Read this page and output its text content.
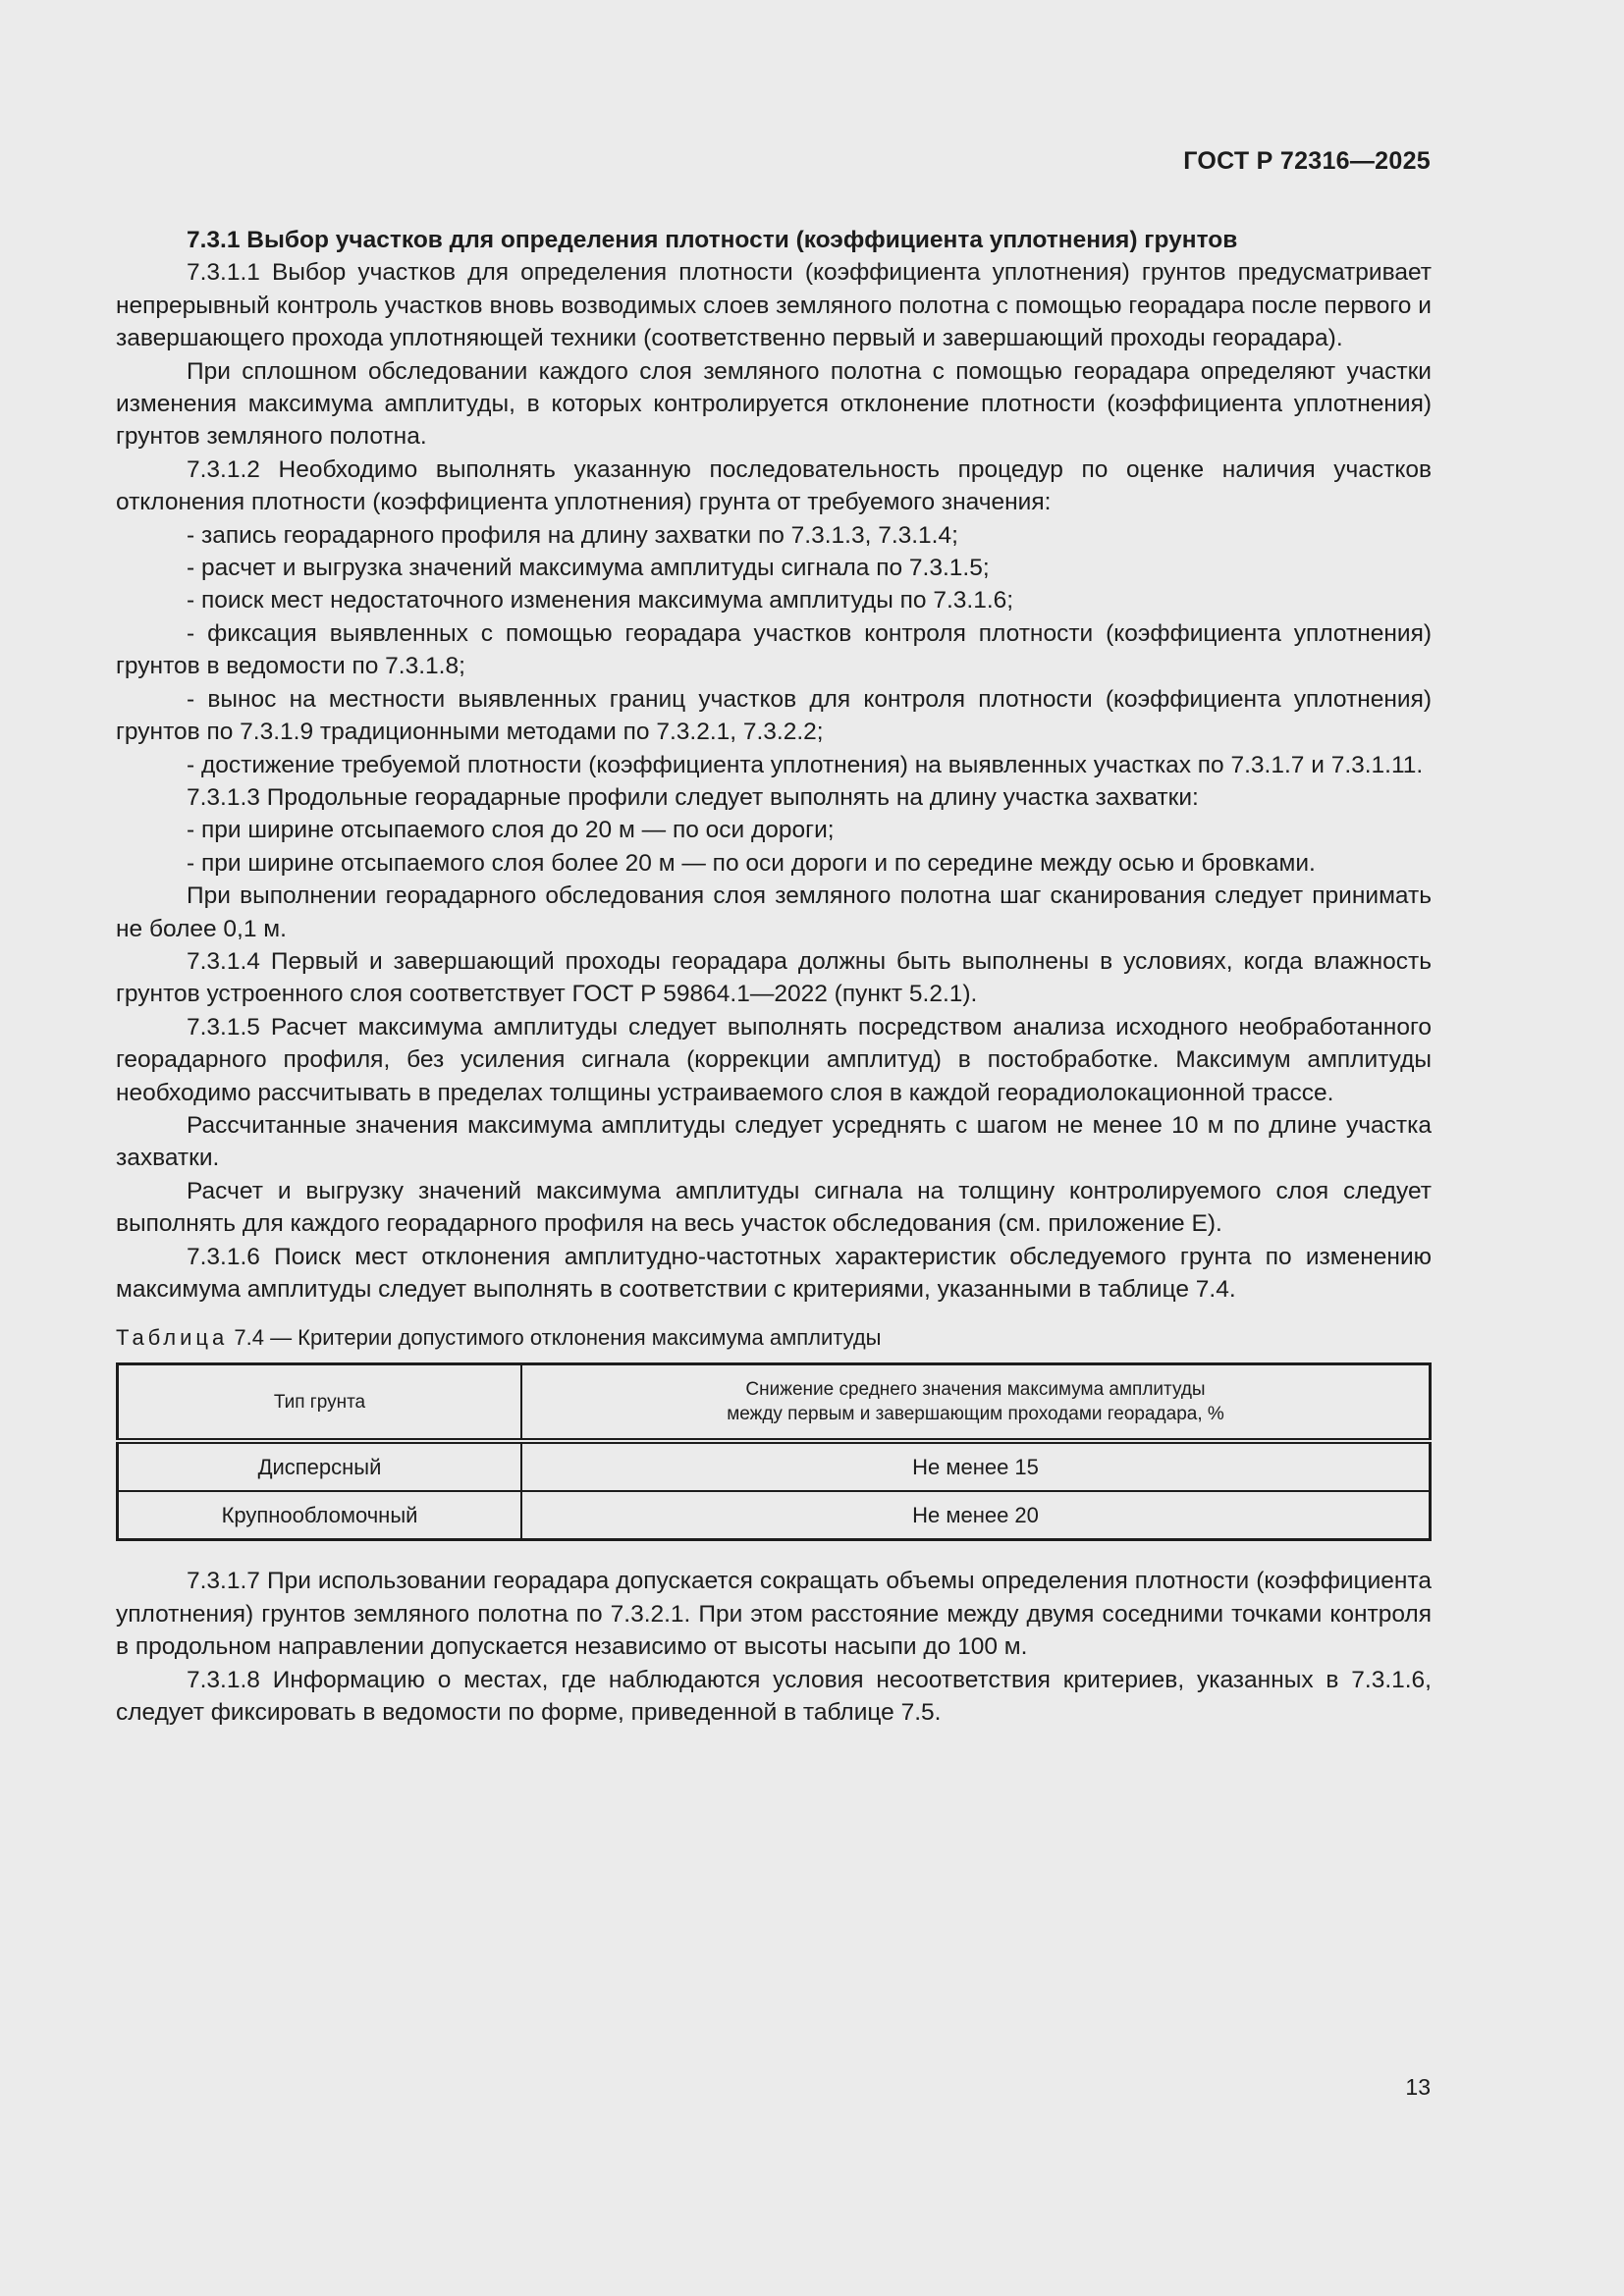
ГОСТ Р 72316—2025

7.3.1 Выбор участков для определения плотности (коэффициента уплотнения) грунтов

7.3.1.1 Выбор участков для определения плотности (коэффициента уплотнения) грунтов предусматривает непрерывный контроль участков вновь возводимых слоев земляного полотна с помощью георадара после первого и завершающего прохода уплотняющей техники (соответственно первый и завершающий проходы георадара).

При сплошном обследовании каждого слоя земляного полотна с помощью георадара определяют участки изменения максимума амплитуды, в которых контролируется отклонение плотности (коэффициента уплотнения) грунтов земляного полотна.

7.3.1.2 Необходимо выполнять указанную последовательность процедур по оценке наличия участков отклонения плотности (коэффициента уплотнения) грунта от требуемого значения:

- запись георадарного профиля на длину захватки по 7.3.1.3, 7.3.1.4;

- расчет и выгрузка значений максимума амплитуды сигнала по 7.3.1.5;

- поиск мест недостаточного изменения максимума амплитуды по 7.3.1.6;

- фиксация выявленных с помощью георадара участков контроля плотности (коэффициента уплотнения) грунтов в ведомости по 7.3.1.8;

- вынос на местности выявленных границ участков для контроля плотности (коэффициента уплотнения) грунтов по 7.3.1.9 традиционными методами по 7.3.2.1, 7.3.2.2;

- достижение требуемой плотности (коэффициента уплотнения) на выявленных участках по 7.3.1.7 и 7.3.1.11.

7.3.1.3 Продольные георадарные профили следует выполнять на длину участка захватки:

- при ширине отсыпаемого слоя до 20 м — по оси дороги;

- при ширине отсыпаемого слоя более 20 м — по оси дороги и по середине между осью и бровками.

При выполнении георадарного обследования слоя земляного полотна шаг сканирования следует принимать не более 0,1 м.

7.3.1.4 Первый и завершающий проходы георадара должны быть выполнены в условиях, когда влажность грунтов устроенного слоя соответствует ГОСТ Р 59864.1—2022 (пункт 5.2.1).

7.3.1.5 Расчет максимума амплитуды следует выполнять посредством анализа исходного необработанного георадарного профиля, без усиления сигнала (коррекции амплитуд) в постобработке. Максимум амплитуды необходимо рассчитывать в пределах толщины устраиваемого слоя в каждой георадиолокационной трассе.

Рассчитанные значения максимума амплитуды следует усреднять с шагом не менее 10 м по длине участка захватки.

Расчет и выгрузку значений максимума амплитуды сигнала на толщину контролируемого слоя следует выполнять для каждого георадарного профиля на весь участок обследования (см. приложение Е).

7.3.1.6 Поиск мест отклонения амплитудно-частотных характеристик обследуемого грунта по изменению максимума амплитуды следует выполнять в соответствии с критериями, указанными в таблице 7.4.

Таблица 7.4 — Критерии допустимого отклонения максимума амплитуды

Тип грунта	Снижение среднего значения максимума амплитуды
между первым и завершающим проходами георадара, %

Дисперсный	Не менее 15
Крупнообломочный	Не менее 20

7.3.1.7 При использовании георадара допускается сокращать объемы определения плотности (коэффициента уплотнения) грунтов земляного полотна по 7.3.2.1. При этом расстояние между двумя соседними точками контроля в продольном направлении допускается независимо от высоты насыпи до 100 м.

7.3.1.8 Информацию о местах, где наблюдаются условия несоответствия критериев, указанных в 7.3.1.6, следует фиксировать в ведомости по форме, приведенной в таблице 7.5.

13
